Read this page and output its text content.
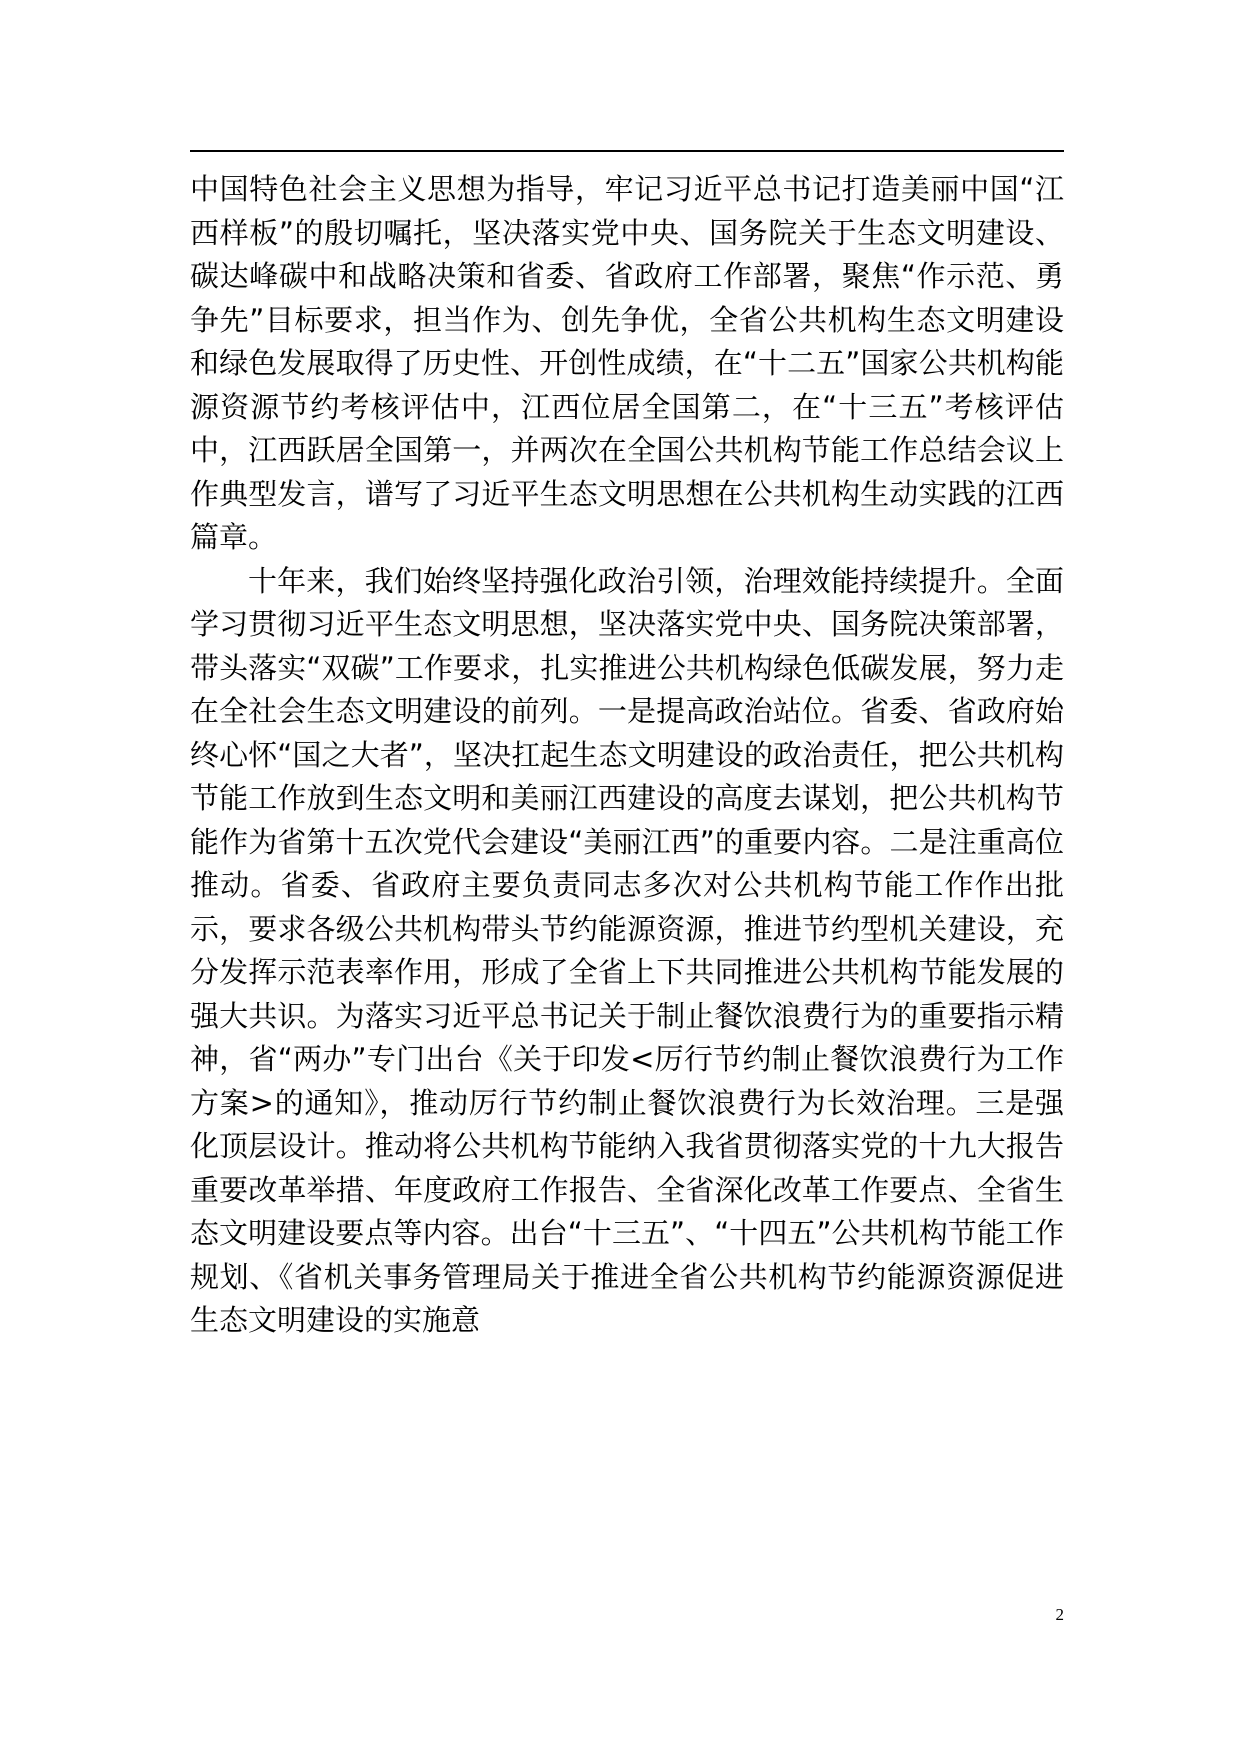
中国特色社会主义思想为指导，牢记习近平总书记打造美丽中国“江西样板”的殷切嘱托，坚决落实党中央、国务院关于生态文明建设、碳达峰碳中和战略决策和省委、省政府工作部署，聚焦“作示范、勇争先”目标要求，担当作为、创先争优，全省公共机构生态文明建设和绿色发展取得了历史性、开创性成绩，在“十二五”国家公共机构能源资源节约考核评估中，江西位居全国第二，在“十三五”考核评估中，江西跃居全国第一，并两次在全国公共机构节能工作总结会议上作典型发言，谱写了习近平生态文明思想在公共机构生动实践的江西篇章。

十年来，我们始终坚持强化政治引领，治理效能持续提升。全面学习贯彻习近平生态文明思想，坚决落实党中央、国务院决策部署，带头落实“双碳”工作要求，扎实推进公共机构绿色低碳发展，努力走在全社会生态文明建设的前列。一是提高政治站位。省委、省政府始终心怀“国之大者”，坚决扛起生态文明建设的政治责任，把公共机构节能工作放到生态文明和美丽江西建设的高度去谋划，把公共机构节能作为省第十五次党代会建设“美丽江西”的重要内容。二是注重高位推动。省委、省政府主要负责同志多次对公共机构节能工作作出批示，要求各级公共机构带头节约能源资源，推进节约型机关建设，充分发挥示范表率作用，形成了全省上下共同推进公共机构节能发展的强大共识。为落实习近平总书记关于制止餐饮浪费行为的重要指示精神，省“两办”专门出台《关于印发<厉行节约制止餐饮浪费行为工作方案>的通知》，推动厉行节约制止餐饮浪费行为长效治理。三是强化顶层设计。推动将公共机构节能纳入我省贯彻落实党的十九大报告重要改革举措、年度政府工作报告、全省深化改革工作要点、全省生态文明建设要点等内容。出台“十三五”、“十四五”公共机构节能工作规划、《省机关事务管理局关于推进全省公共机构节约能源资源促进生态文明建设的实施意

2
